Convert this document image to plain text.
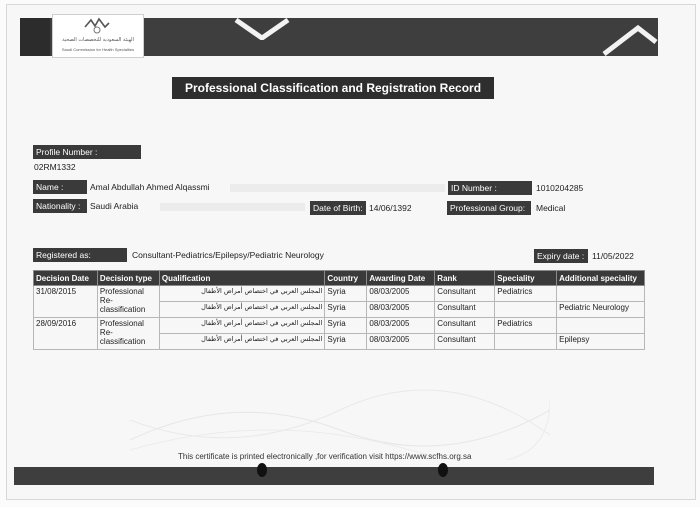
الهيئة السعودية للتخصصات الصحية
Saudi Commission for Health Specialties
Professional Classification and Registration Record
Profile Number :
02RM1332
Name :	Amal Abdullah Ahmed Alqassmi	ID Number :	1010204285
Nationality :	Saudi Arabia	Date of Birth: 14/06/1392	Professional Group:	Medical
Registered as:	Consultant-Pediatrics/Epilepsy/Pediatric Neurology	Expiry date : 11/05/2022
Decision Date	Decision type	Qualification	Country	Awarding Date	Rank	Speciality	Additional speciality
31/08/2015	Professional Re-classification	المجلس العربي في اختصاص أمراض الأطفال	Syria	08/03/2005	Consultant	Pediatrics	
		المجلس العربي في اختصاص أمراض الأطفال	Syria	08/03/2005	Consultant		Pediatric Neurology
28/09/2016	Professional Re-classification	المجلس العربي في اختصاص أمراض الأطفال	Syria	08/03/2005	Consultant	Pediatrics	
		المجلس العربي في اختصاص أمراض الأطفال	Syria	08/03/2005	Consultant		Epilepsy
This certificate is printed electronically ,for verification visit https://www.scfhs.org.sa
